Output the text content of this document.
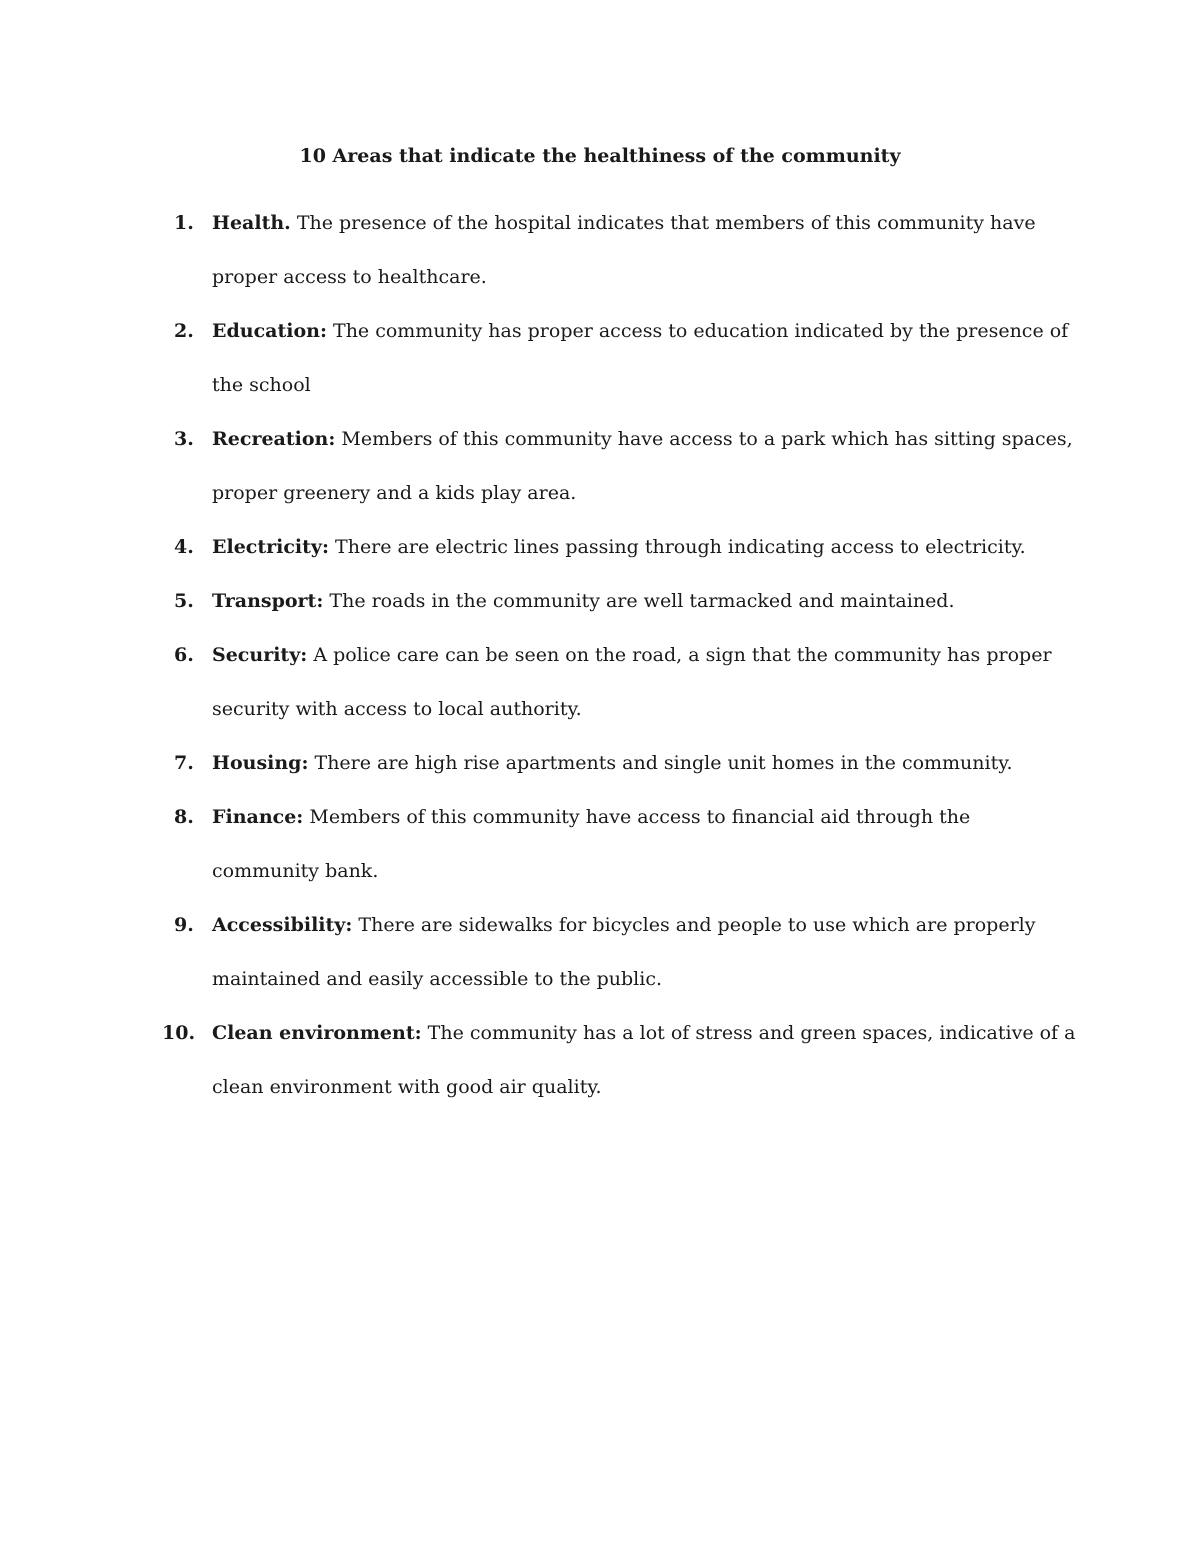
10 Areas that indicate the healthiness of the community
1. Health. The presence of the hospital indicates that members of this community have
proper access to healthcare.
2. Education: The community has proper access to education indicated by the presence of
the school
3. Recreation: Members of this community have access to a park which has sitting spaces,
proper greenery and a kids play area.
4. Electricity: There are electric lines passing through indicating access to electricity.
5. Transport: The roads in the community are well tarmacked and maintained.
6. Security: A police care can be seen on the road, a sign that the community has proper
security with access to local authority.
7. Housing: There are high rise apartments and single unit homes in the community.
8. Finance: Members of this community have access to financial aid through the
community bank.
9. Accessibility: There are sidewalks for bicycles and people to use which are properly
maintained and easily accessible to the public.
10. Clean environment: The community has a lot of stress and green spaces, indicative of a
clean environment with good air quality.
